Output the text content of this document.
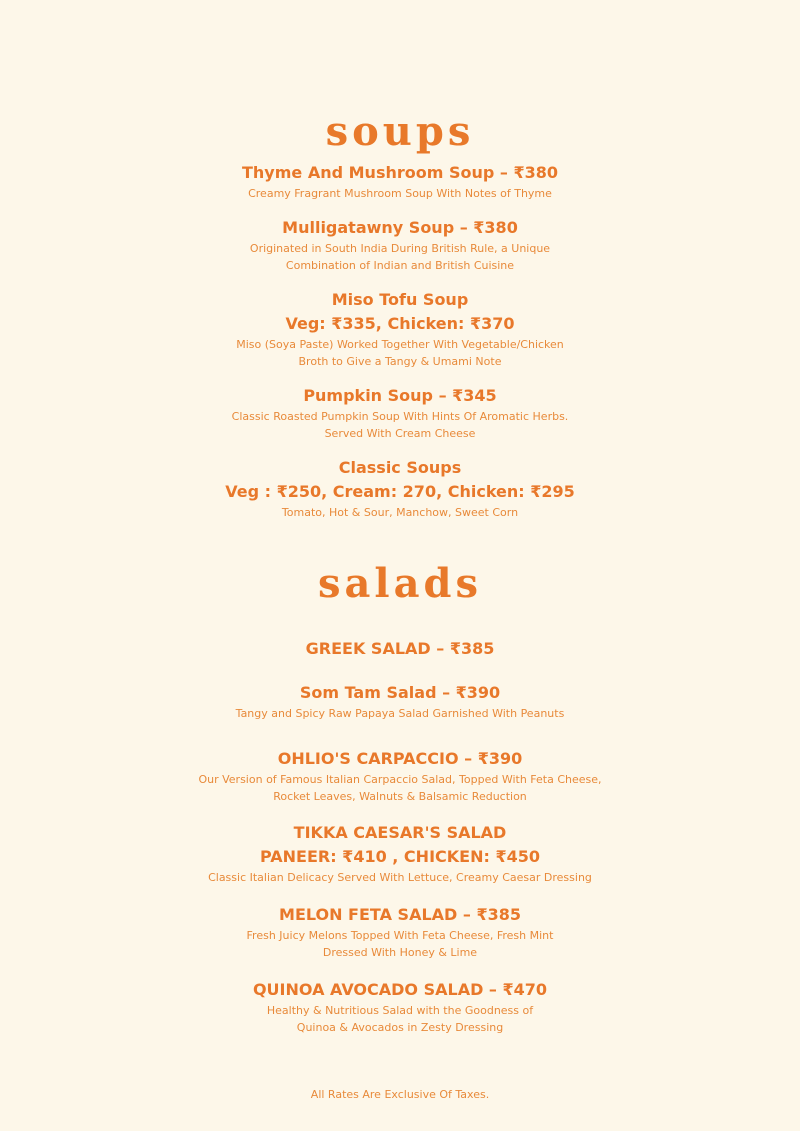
soups
Thyme And Mushroom Soup – ₹380
Creamy Fragrant Mushroom Soup With Notes of Thyme
Mulligatawny Soup – ₹380
Originated in South India During British Rule, a Unique
Combination of Indian and British Cuisine
Miso Tofu Soup
Veg: ₹335, Chicken: ₹370
Miso (Soya Paste) Worked Together With Vegetable/Chicken
Broth to Give a Tangy & Umami Note
Pumpkin Soup – ₹345
Classic Roasted Pumpkin Soup With Hints Of Aromatic Herbs.
Served With Cream Cheese
Classic Soups
Veg : ₹250, Cream: 270, Chicken: ₹295
Tomato, Hot & Sour, Manchow, Sweet Corn
salads
GREEK SALAD – ₹385
Som Tam Salad – ₹390
Tangy and Spicy Raw Papaya Salad Garnished With Peanuts
OHLIO'S CARPACCIO – ₹390
Our Version of Famous Italian Carpaccio Salad, Topped With Feta Cheese,
Rocket Leaves, Walnuts & Balsamic Reduction
TIKKA CAESAR'S SALAD
PANEER: ₹410 , CHICKEN: ₹450
Classic Italian Delicacy Served With Lettuce, Creamy Caesar Dressing
MELON FETA SALAD – ₹385
Fresh Juicy Melons Topped With Feta Cheese, Fresh Mint
Dressed With Honey & Lime
QUINOA AVOCADO SALAD – ₹470
Healthy & Nutritious Salad with the Goodness of
Quinoa & Avocados in Zesty Dressing
All Rates Are Exclusive Of Taxes.
